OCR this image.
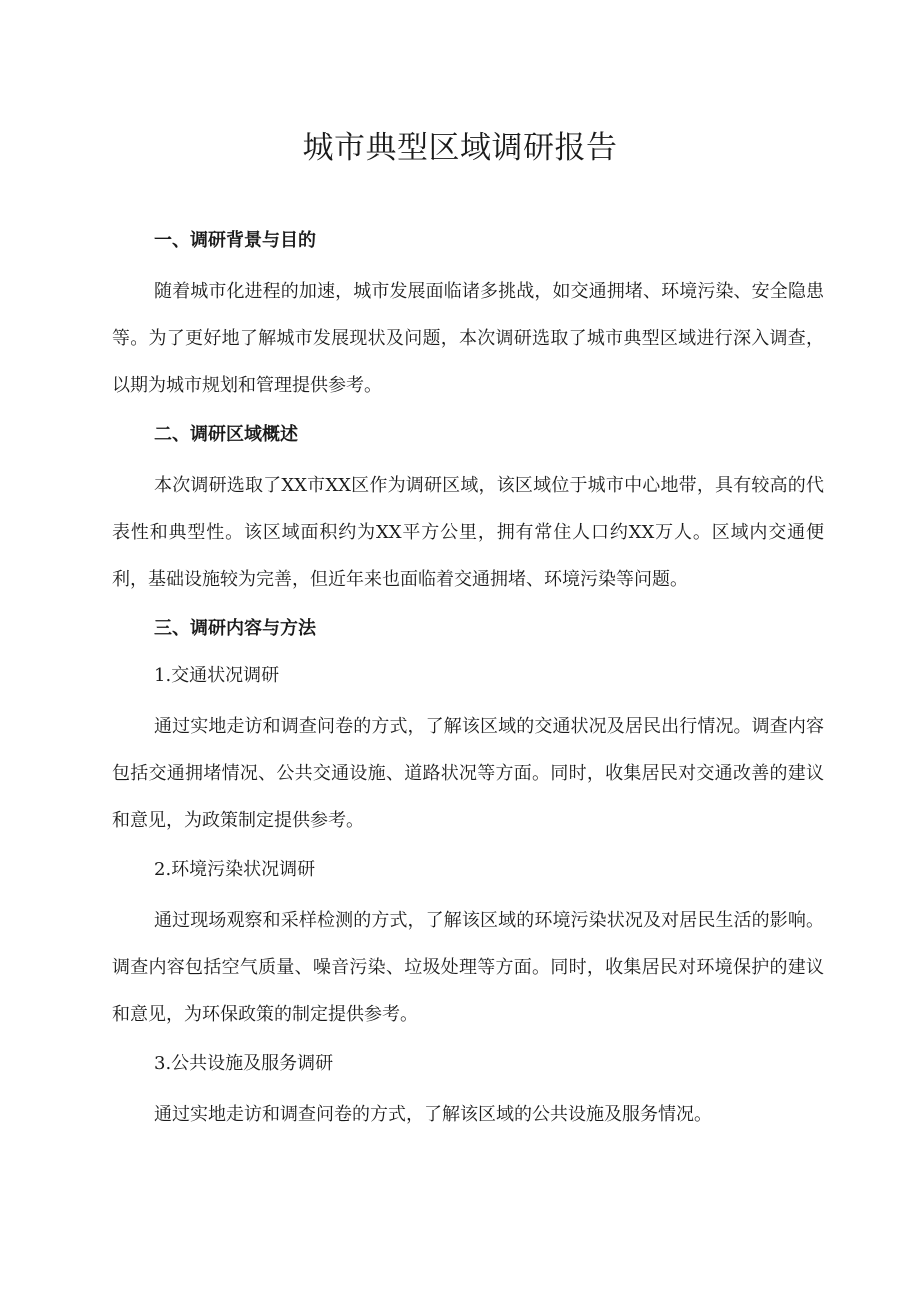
城市典型区域调研报告
一、调研背景与目的

随着城市化进程的加速，城市发展面临诸多挑战，如交通拥堵、环境污染、安全隐患等。为了更好地了解城市发展现状及问题，本次调研选取了城市典型区域进行深入调查，以期为城市规划和管理提供参考。

二、调研区域概述

本次调研选取了XX市XX区作为调研区域，该区域位于城市中心地带，具有较高的代表性和典型性。该区域面积约为XX平方公里，拥有常住人口约XX万人。区域内交通便利，基础设施较为完善，但近年来也面临着交通拥堵、环境污染等问题。

三、调研内容与方法
1.交通状况调研

通过实地走访和调查问卷的方式，了解该区域的交通状况及居民出行情况。调查内容包括交通拥堵情况、公共交通设施、道路状况等方面。同时，收集居民对交通改善的建议和意见，为政策制定提供参考。

2.环境污染状况调研

通过现场观察和采样检测的方式，了解该区域的环境污染状况及对居民生活的影响。调查内容包括空气质量、噪音污染、垃圾处理等方面。同时，收集居民对环境保护的建议和意见，为环保政策的制定提供参考。

3.公共设施及服务调研

通过实地走访和调查问卷的方式，了解该区域的公共设施及服务情况。
